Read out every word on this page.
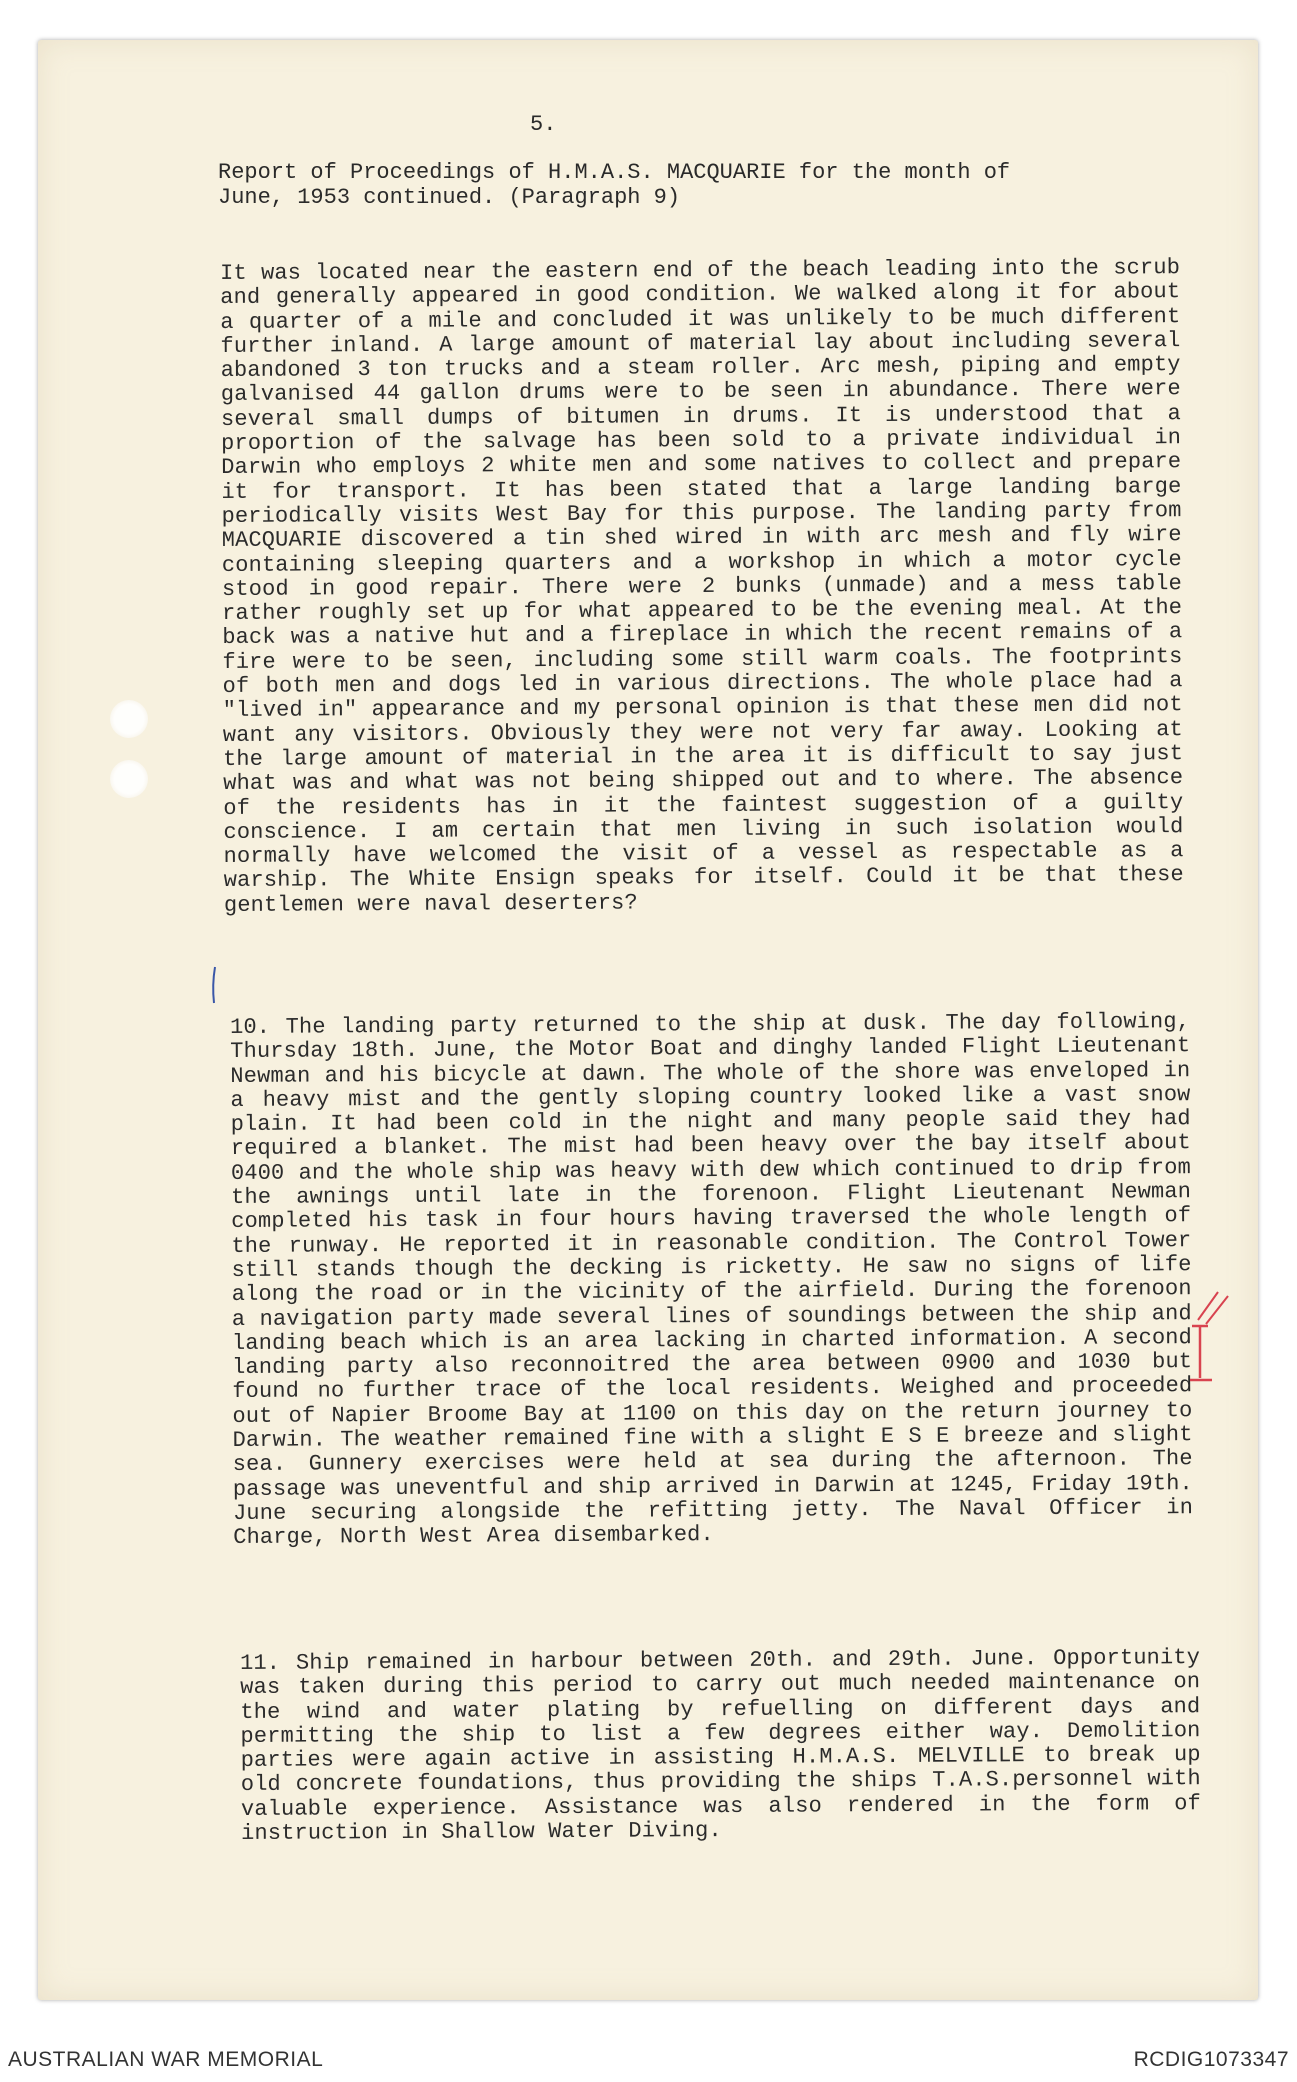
5.
Report of Proceedings of H.M.A.S. MACQUARIE for the month of
June, 1953 continued. (Paragraph 9)
It was located near the eastern end of the beach leading into the scrub and generally appeared in good condition. We walked along it for about a quarter of a mile and concluded it was unlikely to be much different further inland. A large amount of material lay about including several abandoned 3 ton trucks and a steam roller. Arc mesh, piping and empty galvanised 44 gallon drums were to be seen in abundance. There were several small dumps of bitumen in drums. It is understood that a proportion of the salvage has been sold to a private individual in Darwin who employs 2 white men and some natives to collect and prepare it for transport. It has been stated that a large landing barge periodically visits West Bay for this purpose. The landing party from MACQUARIE discovered a tin shed wired in with arc mesh and fly wire containing sleeping quarters and a workshop in which a motor cycle stood in good repair. There were 2 bunks (unmade) and a mess table rather roughly set up for what appeared to be the evening meal. At the back was a native hut and a fireplace in which the recent remains of a fire were to be seen, including some still warm coals. The footprints of both men and dogs led in various directions. The whole place had a "lived in" appearance and my personal opinion is that these men did not want any visitors. Obviously they were not very far away. Looking at the large amount of material in the area it is difficult to say just what was and what was not being shipped out and to where. The absence of the residents has in it the faintest suggestion of a guilty conscience. I am certain that men living in such isolation would normally have welcomed the visit of a vessel as respectable as a warship. The White Ensign speaks for itself. Could it be that these gentlemen were naval deserters?
10. The landing party returned to the ship at dusk. The day following, Thursday 18th. June, the Motor Boat and dinghy landed Flight Lieutenant Newman and his bicycle at dawn. The whole of the shore was enveloped in a heavy mist and the gently sloping country looked like a vast snow plain. It had been cold in the night and many people said they had required a blanket. The mist had been heavy over the bay itself about 0400 and the whole ship was heavy with dew which continued to drip from the awnings until late in the forenoon. Flight Lieutenant Newman completed his task in four hours having traversed the whole length of the runway. He reported it in reasonable condition. The Control Tower still stands though the decking is ricketty. He saw no signs of life along the road or in the vicinity of the airfield. During the forenoon a navigation party made several lines of soundings between the ship and landing beach which is an area lacking in charted information. A second landing party also reconnoitred the area between 0900 and 1030 but found no further trace of the local residents. Weighed and proceeded out of Napier Broome Bay at 1100 on this day on the return journey to Darwin. The weather remained fine with a slight E S E breeze and slight sea. Gunnery exercises were held at sea during the afternoon. The passage was uneventful and ship arrived in Darwin at 1245, Friday 19th. June securing alongside the refitting jetty. The Naval Officer in Charge, North West Area disembarked.
11. Ship remained in harbour between 20th. and 29th. June. Opportunity was taken during this period to carry out much needed maintenance on the wind and water plating by refuelling on different days and permitting the ship to list a few degrees either way. Demolition parties were again active in assisting H.M.A.S. MELVILLE to break up old concrete foundations, thus providing the ships T.A.S.personnel with valuable experience. Assistance was also rendered in the form of instruction in Shallow Water Diving.
AUSTRALIAN WAR MEMORIAL	RCDIG1073347
